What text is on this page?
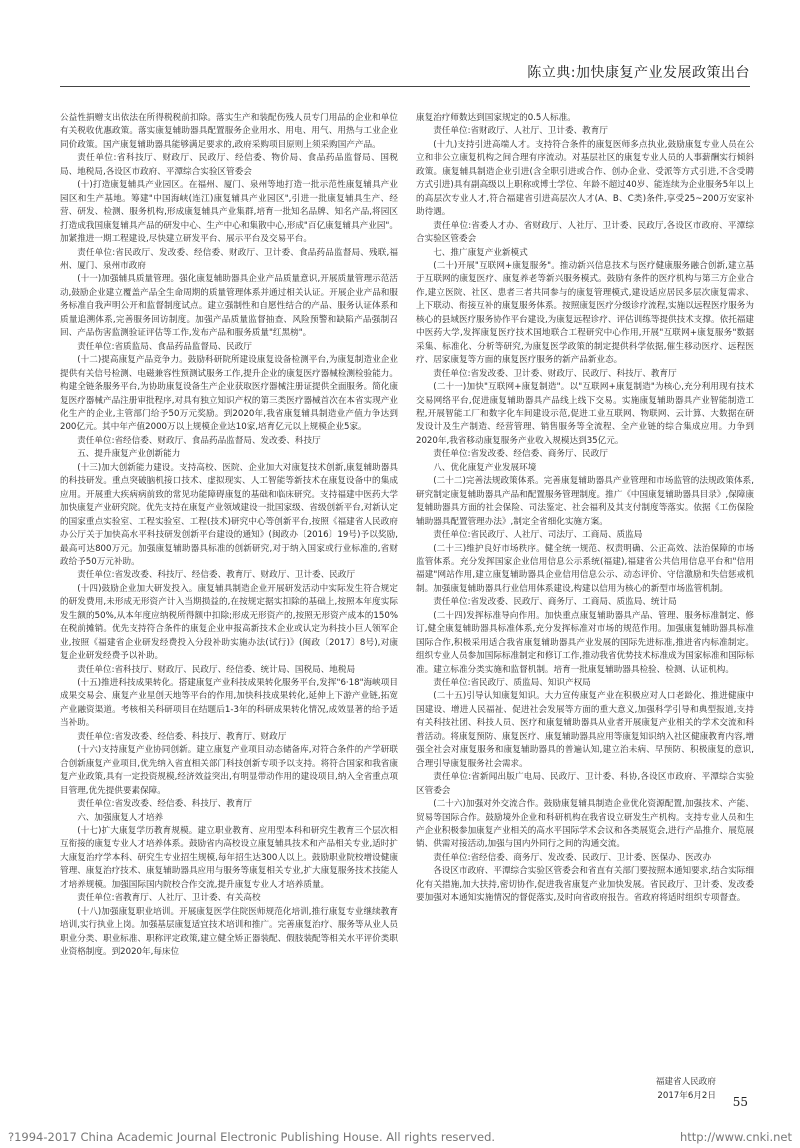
陈立典:加快康复产业发展政策出台

公益性捐赠支出依法在所得税税前扣除。落实生产和装配伤残人员专门用品的企业和单位有关税收优惠政策。落实康复辅助器具配置服务企业用水、用电、用气、用热与工业企业同价政策。国产康复辅助器具能够满足要求的,政府采购项目原则上须采购国产产品。

责任单位:省科技厅、财政厅、民政厅、经信委、物价局、食品药品监督局、国税局、地税局,各设区市政府、平潭综合实验区管委会

(十)打造康复辅具产业园区。在福州、厦门、泉州等地打造一批示范性康复辅具产业园区和生产基地。筹建"中国海峡(连江)康复辅具产业园区",引进一批康复辅具生产、经营、研发、检测、服务机构,形成康复辅具产业集群,培育一批知名品牌、知名产品,将园区打造成我国康复辅具产品的研发中心、生产中心和集散中心,形成"百亿康复辅具产业园"。加紧推进一期工程建设,尽快建立研发平台、展示平台及交易平台。

责任单位:省民政厅、发改委、经信委、财政厅、卫计委、食品药品监督局、残联,福州、厦门、泉州市政府

(十一)加强辅具质量管理。强化康复辅助器具企业产品质量意识,开展质量管理示范活动,鼓励企业建立覆盖产品全生命周期的质量管理体系并通过相关认证。开展企业产品和服务标准自我声明公开和监督制度试点。建立强制性和自愿性结合的产品、服务认证体系和质量追溯体系,完善服务回访制度。加强产品质量监督抽查、风险预警和缺陷产品强制召回、产品伤害监测验证评估等工作,发布产品和服务质量"红黑榜"。

责任单位:省质监局、食品药品监督局、民政厅

(十二)提高康复产品竞争力。鼓励科研院所建设康复设备检测平台,为康复制造业企业提供有关信号检测、电磁兼容性预测试服务工作,提升企业的康复医疗器械检测检验能力。构建全链条服务平台,为协助康复设备生产企业获取医疗器械注册证提供全面服务。简化康复医疗器械产品注册审批程序,对具有独立知识产权的第三类医疗器械首次在本省实现产业化生产的企业,主管部门给予50万元奖励。到2020年,我省康复辅具制造业产值力争达到200亿元。其中年产值2000万以上规模企业达10家,培育亿元以上规模企业5家。

责任单位:省经信委、财政厅、食品药品监督局、发改委、科技厅

五、提升康复产业创新能力

(十三)加大创新能力建设。支持高校、医院、企业加大对康复技术创新,康复辅助器具的科技研发。重点突破脑机接口技术、虚拟现实、人工智能等新技术在康复设备中的集成应用。开展重大疾病病前致的常见功能障碍康复的基础和临床研究。支持福建中医药大学加快康复产业研究院。优先支持在康复产业领域建设一批国家级、省级创新平台,对新认定的国家重点实验室、工程实验室、工程(技术)研究中心等创新平台,按照《福建省人民政府办公厅关于加快高水平科技研发创新平台建设的通知》(闽政办〔2016〕19号)予以奖励,最高可达800万元。加强康复辅助器具标准的创新研究,对于纳入国家或行业标准的,省财政给予50万元补助。

责任单位:省发改委、科技厅、经信委、教育厅、财政厅、卫计委、民政厅

(十四)鼓励企业加大研发投入。康复辅具制造企业开展研发活动中实际发生符合规定的研发费用,未形成无形资产计入当期损益的,在按规定据实扣除的基础上,按照本年度实际发生额的50%,从本年度应纳税所得额中扣除;形成无形资产的,按照无形资产成本的150%在税前摊销。优先支持符合条件的康复企业申报高新技术企业或认定为科技小巨人领军企业,按照《福建省企业研发经费投入分段补助实施办法(试行)》(闽政〔2017〕8号),对康复企业研发经费予以补助。

责任单位:省科技厅、财政厅、民政厅、经信委、统计局、国税局、地税局

(十五)推进科技成果转化。搭建康复产业科技成果转化服务平台,发挥"6·18"海峡项目成果交易会、康复产业星创天地等平台的作用,加快科技成果转化,延伸上下游产业链,拓宽产业融资渠道。考核相关科研项目在结题后1-3年的科研成果转化情况,成效显著的给予适当补助。

责任单位:省发改委、经信委、科技厅、教育厅、财政厅

(十六)支持康复产业协同创新。建立康复产业项目动态储备库,对符合条件的产学研联合创新康复产业项目,优先纳入省直相关部门科技创新专项予以支持。将符合国家和我省康复产业政策,具有一定投资规模,经济效益突出,有明显带动作用的建设项目,纳入全省重点项目管理,优先提供要素保障。

责任单位:省发改委、经信委、科技厅、教育厅

六、加强康复人才培养

(十七)扩大康复学历教育规模。建立职业教育、应用型本科和研究生教育三个层次相互衔接的康复专业人才培养体系。鼓励省内高校设立康复辅具技术和产品相关专业,适时扩大康复治疗学本科、研究生专业招生规模,每年招生达300人以上。鼓励职业院校增设健康管理、康复治疗技术、康复辅助器具应用与服务等康复相关专业,扩大康复服务技术技能人才培养规模。加强国际国内院校合作交流,提升康复专业人才培养质量。

责任单位:省教育厅、人社厅、卫计委、有关高校

(十八)加强康复职业培训。开展康复医学住院医师规范化培训,推行康复专业继续教育培训,实行执业上岗。加强基层康复适宜技术培训和推广。完善康复治疗、服务等从业人员职业分类、职业标准、职称评定政策,建立健全矫正器装配、假肢装配等相关水平评价类职业资格制度。到2020年,每床位

康复治疗师数达到国家规定的0.5人标准。

责任单位:省财政厅、人社厅、卫计委、教育厅

(十九)支持引进高端人才。支持符合条件的康复医师多点执业,鼓励康复专业人员在公立和非公立康复机构之间合理有序流动。对基层社区的康复专业人员的人事薪酬实行倾斜政策。康复辅具制造企业引进(含全职引进或合作、创办企业、受派等方式引进,不含受聘方式引进)具有副高级以上职称或博士学位、年龄不超过40岁、能连续为企业服务5年以上的高层次专业人才,符合福建省引进高层次人才(A、B、C类)条件,享受25~200万安家补助待遇。

责任单位:省委人才办、省财政厅、人社厅、卫计委、民政厅,各设区市政府、平潭综合实验区管委会

七、推广康复产业新模式

(二十)开展"互联网+康复服务"。推动新兴信息技术与医疗健康服务融合创新,建立基于互联网的康复医疗、康复养老等新兴服务模式。鼓励有条件的医疗机构与第三方企业合作,建立医院、社区、患者三者共同参与的康复管理模式,建设适应居民多层次康复需求、上下联动、衔接互补的康复服务体系。按照康复医疗分级诊疗流程,实施以远程医疗服务为核心的县域医疗服务协作平台建设,为康复远程诊疗、评估训练等提供技术支撑。依托福建中医药大学,发挥康复医疗技术国地联合工程研究中心作用,开展"互联网+康复服务"数据采集、标准化、分析等研究,为康复医学政策的制定提供科学依据,催生移动医疗、远程医疗、居家康复等方面的康复医疗服务的新产品新业态。

责任单位:省发改委、卫计委、财政厅、民政厅、科技厅、教育厅

(二十一)加快"互联网+康复制造"。以"互联网+康复制造"为核心,充分利用现有技术交易网络平台,促进康复辅助器具产品线上线下交易。实施康复辅助器具产业智能制造工程,开展智能工厂和数字化车间建设示范,促进工业互联网、物联网、云计算、大数据在研发设计及生产制造、经营管理、销售服务等全流程、全产业链的综合集成应用。力争到2020年,我省移动康复服务产业收入规模达到35亿元。

责任单位:省发改委、经信委、商务厅、民政厅

八、优化康复产业发展环境

(二十二)完善法规政策体系。完善康复辅助器具产业管理和市场监管的法规政策体系,研究制定康复辅助器具产品和配置服务管理制度。推广《中国康复辅助器具目录》,保障康复辅助器具方面的社会保险、司法鉴定、社会福利及其支付制度等落实。依据《工伤保险辅助器具配置管理办法》,制定全省细化实施方案。

责任单位:省民政厅、人社厅、司法厅、工商局、质监局

(二十三)维护良好市场秩序。健全统一规范、权责明确、公正高效、法治保障的市场监管体系。充分发挥国家企业信用信息公示系统(福建),福建省公共信用信息平台和"信用福建"网站作用,建立康复辅助器具企业信用信息公示、动态评价、守信激励和失信惩戒机制。加强康复辅助器具行业信用体系建设,构建以信用为核心的新型市场监管机制。

责任单位:省发改委、民政厅、商务厅、工商局、质监局、统计局

(二十四)发挥标准导向作用。加快重点康复辅助器具产品、管理、服务标准制定、修订,健全康复辅助器具标准体系,充分发挥标准对市场的规范作用。加强康复辅助器具标准国际合作,积极采用适合我省康复辅助器具产业发展的国际先进标准,推进省内标准制定。组织专业人员参加国际标准制定和修订工作,推动我省优势技术标准成为国家标准和国际标准。建立标准分类实施和监督机制。培育一批康复辅助器具检验、检测、认证机构。

责任单位:省民政厅、质监局、知识产权局

(二十五)引导认知康复知识。大力宣传康复产业在积极应对人口老龄化、推进健康中国建设、增进人民福祉、促进社会发展等方面的重大意义,加强科学引导和典型报道,支持有关科技社团、科技人员、医疗和康复辅助器具从业者开展康复产业相关的学术交流和科普活动。将康复预防、康复医疗、康复辅助器具应用等康复知识纳入社区健康教育内容,增强全社会对康复服务和康复辅助器具的普遍认知,建立治未病、早预防、积极康复的意识,合理引导康复服务社会需求。

责任单位:省新闻出版广电局、民政厅、卫计委、科协,各设区市政府、平潭综合实验区管委会

(二十六)加强对外交流合作。鼓励康复辅具制造企业优化资源配置,加强技术、产能、贸易等国际合作。鼓励境外企业和科研机构在我省设立研发生产机构。支持专业人员和生产企业积极参加康复产业相关的高水平国际学术会议和各类展览会,进行产品推介、展览展销、供需对接活动,加强与国内外同行之间的沟通交流。

责任单位:省经信委、商务厅、发改委、民政厅、卫计委、医保办、医改办

各设区市政府、平潭综合实验区管委会和省直有关部门要按照本通知要求,结合实际细化有关措施,加大扶持,密切协作,促进我省康复产业加快发展。省民政厅、卫计委、发改委要加强对本通知实施情况的督促落实,及时向省政府报告。省政府将适时组织专项督查。

福建省人民政府
2017年6月2日	55
?1994-2017 China Academic Journal Electronic Publishing House. All rights reserved.	http://www.cnki.net
